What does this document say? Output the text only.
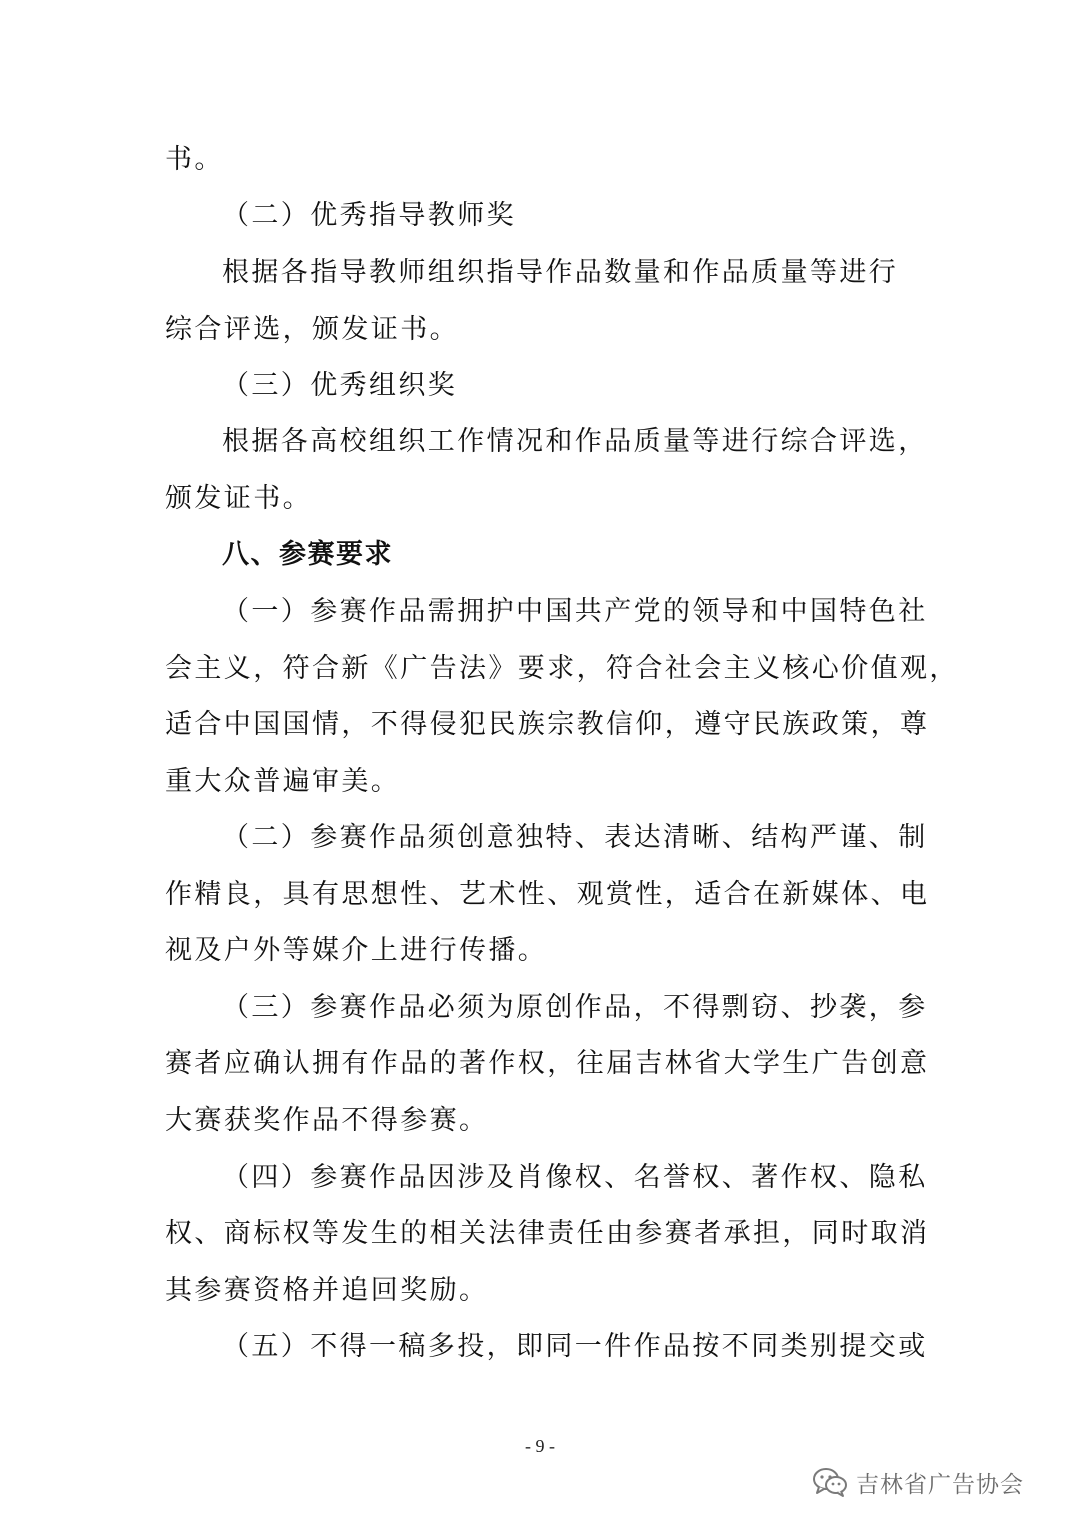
书。
（二）优秀指导教师奖
根据各指导教师组织指导作品数量和作品质量等进行
综合评选，颁发证书。
（三）优秀组织奖
根据各高校组织工作情况和作品质量等进行综合评选，
颁发证书。
八、参赛要求
（一）参赛作品需拥护中国共产党的领导和中国特色社
会主义，符合新《广告法》要求，符合社会主义核心价值观，
适合中国国情，不得侵犯民族宗教信仰，遵守民族政策，尊
重大众普遍审美。
（二）参赛作品须创意独特、表达清晰、结构严谨、制
作精良，具有思想性、艺术性、观赏性，适合在新媒体、电
视及户外等媒介上进行传播。
（三）参赛作品必须为原创作品，不得剽窃、抄袭，参
赛者应确认拥有作品的著作权，往届吉林省大学生广告创意
大赛获奖作品不得参赛。
（四）参赛作品因涉及肖像权、名誉权、著作权、隐私
权、商标权等发生的相关法律责任由参赛者承担，同时取消
其参赛资格并追回奖励。
（五）不得一稿多投，即同一件作品按不同类别提交或
- 9 -
吉林省广告协会
